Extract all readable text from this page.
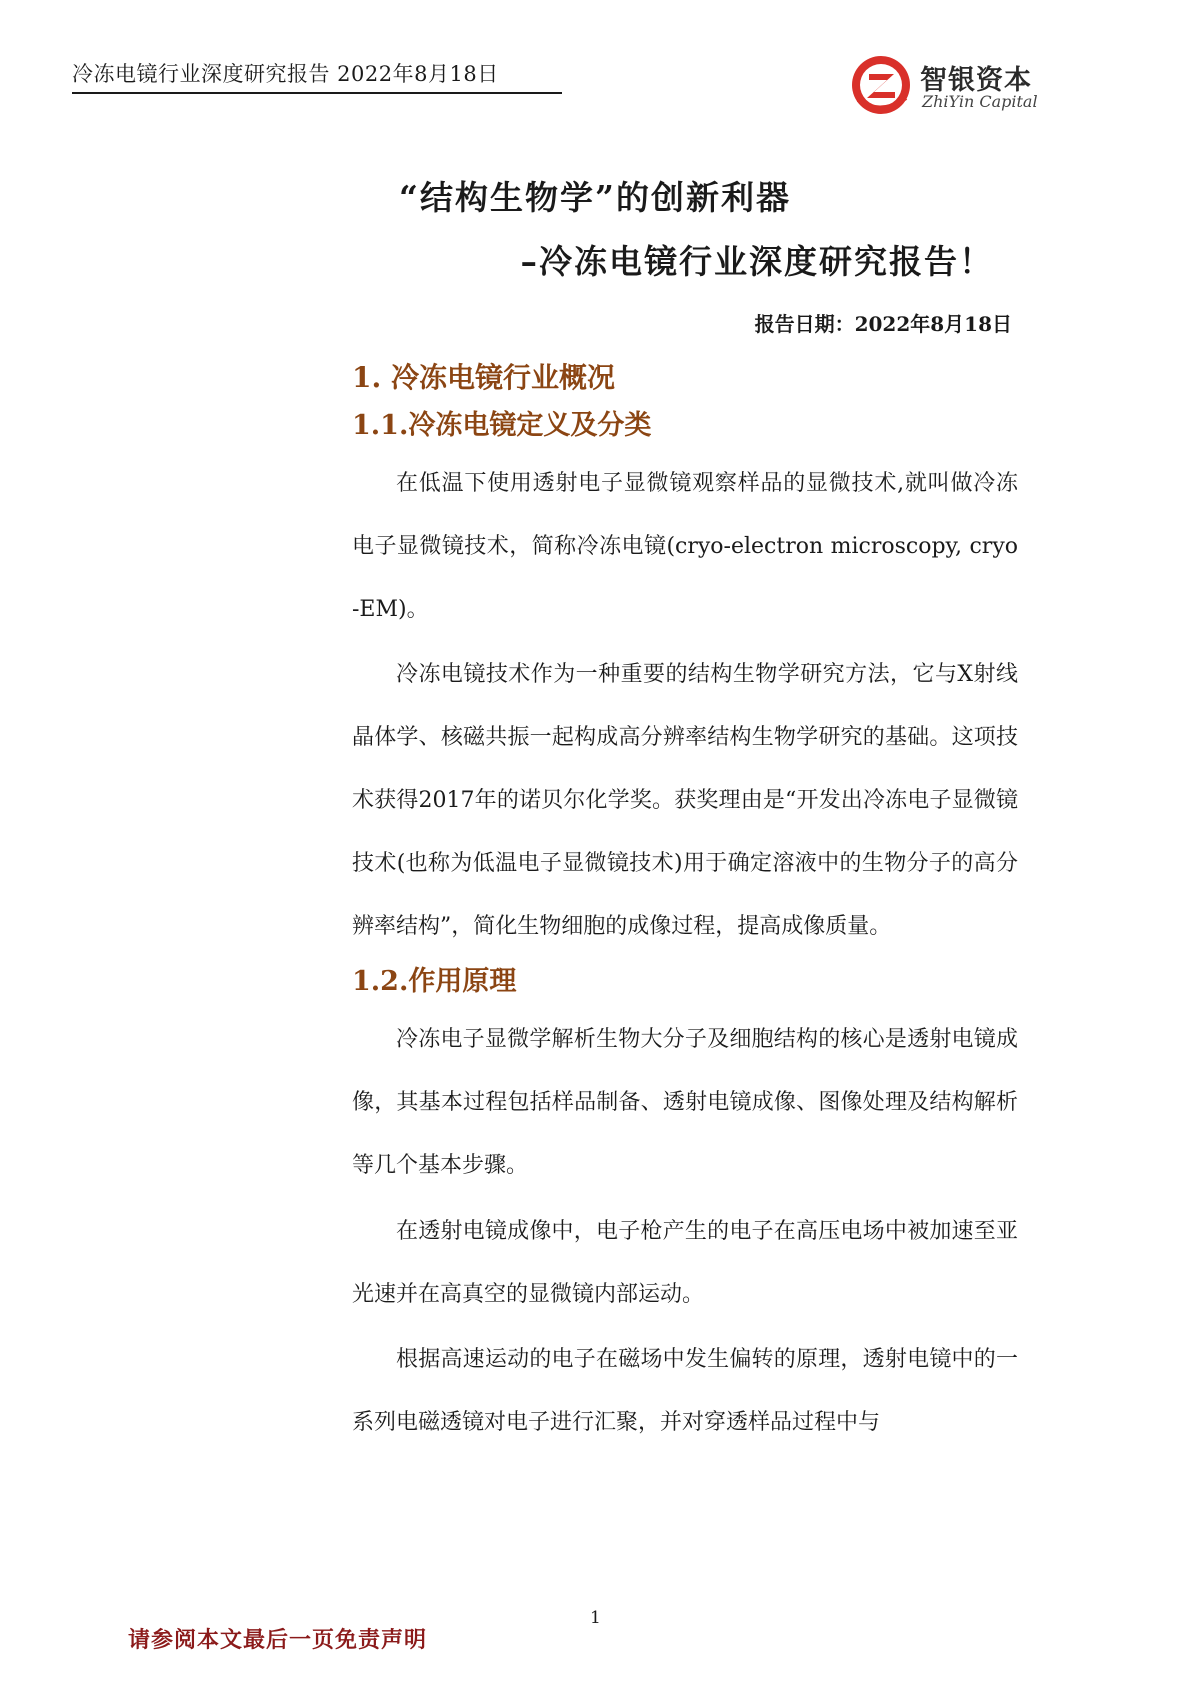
冷冻电镜行业深度研究报告 2022年8月18日	智银资本
ZhiYin Capital
“结构生物学”的创新利器
–冷冻电镜行业深度研究报告！
报告日期：2022年8月18日
1. 冷冻电镜行业概况
1.1.冷冻电镜定义及分类

在低温下使用透射电子显微镜观察样品的显微技术,就叫做冷冻电子显微镜技术，简称冷冻电镜(cryo-electron microscopy, cryo-EM)。

冷冻电镜技术作为一种重要的结构生物学研究方法，它与X射线晶体学、核磁共振一起构成高分辨率结构生物学研究的基础。这项技术获得2017年的诺贝尔化学奖。获奖理由是“开发出冷冻电子显微镜技术(也称为低温电子显微镜技术)用于确定溶液中的生物分子的高分辨率结构”，简化生物细胞的成像过程，提高成像质量。

1.2.作用原理

冷冻电子显微学解析生物大分子及细胞结构的核心是透射电镜成像，其基本过程包括样品制备、透射电镜成像、图像处理及结构解析等几个基本步骤。

在透射电镜成像中，电子枪产生的电子在高压电场中被加速至亚光速并在高真空的显微镜内部运动。

根据高速运动的电子在磁场中发生偏转的原理，透射电镜中的一系列电磁透镜对电子进行汇聚，并对穿透样品过程中与

1
请参阅本文最后一页免责声明
